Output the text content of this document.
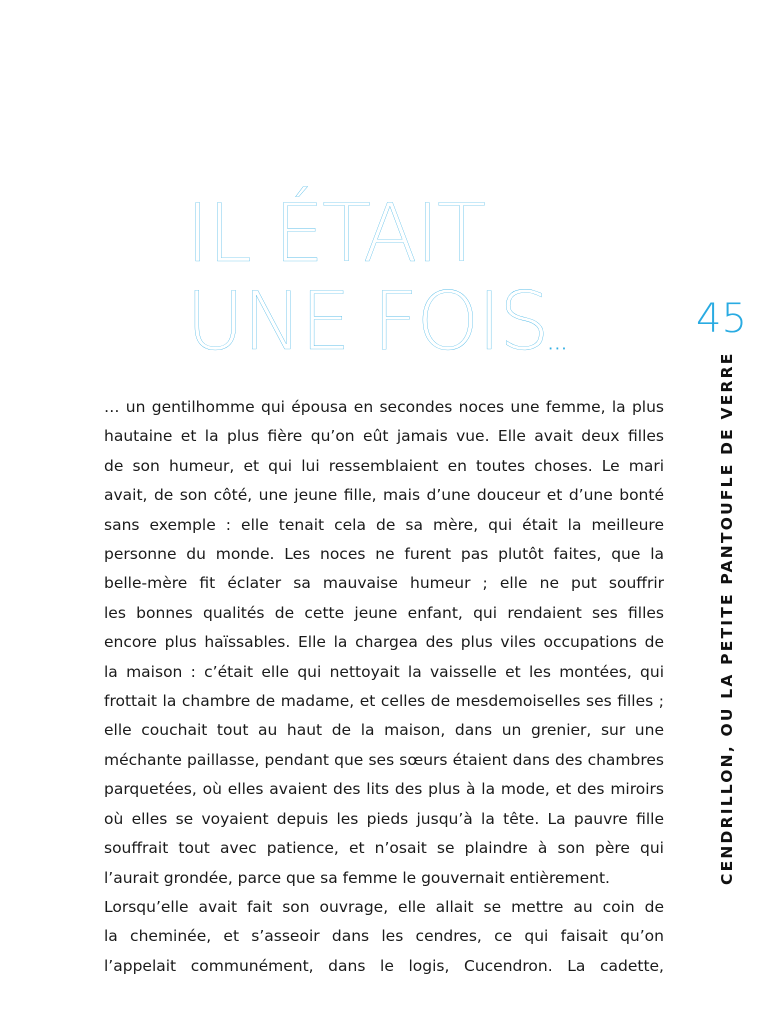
IL ÉTAIT
UNE FOIS...
45
CENDRILLON, OU LA PETITE PANTOUFLE DE VERRE

… un gentilhomme qui épousa en secondes noces une femme, la plus

hautaine et la plus fière qu’on eût jamais vue. Elle avait deux filles

de son humeur, et qui lui ressemblaient en toutes choses. Le mari

avait, de son côté, une jeune fille, mais d’une douceur et d’une bonté

sans exemple : elle tenait cela de sa mère, qui était la meilleure

personne du monde. Les noces ne furent pas plutôt faites, que la

belle-mère fit éclater sa mauvaise humeur ; elle ne put souffrir

les bonnes qualités de cette jeune enfant, qui rendaient ses filles

encore plus haïssables. Elle la chargea des plus viles occupations de

la maison : c’était elle qui nettoyait la vaisselle et les montées, qui

frottait la chambre de madame, et celles de mesdemoiselles ses filles ;

elle couchait tout au haut de la maison, dans un grenier, sur une

méchante paillasse, pendant que ses sœurs étaient dans des chambres

parquetées, où elles avaient des lits des plus à la mode, et des miroirs

où elles se voyaient depuis les pieds jusqu’à la tête. La pauvre fille

souffrait tout avec patience, et n’osait se plaindre à son père qui

l’aurait grondée, parce que sa femme le gouvernait entièrement.

Lorsqu’elle avait fait son ouvrage, elle allait se mettre au coin de

la cheminée, et s’asseoir dans les cendres, ce qui faisait qu’on

l’appelait communément, dans le logis, Cucendron. La cadette,
